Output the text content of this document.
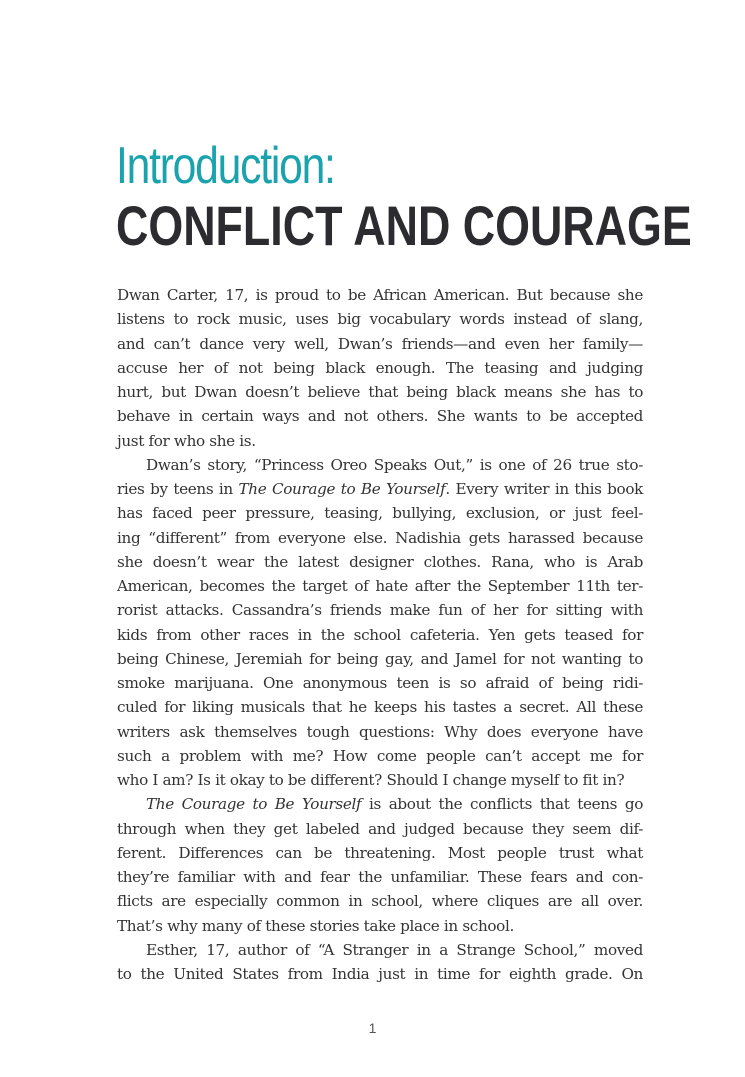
Introduction:
CONFLICT AND COURAGE
Dwan Carter, 17, is proud to be African American. But because she
listens to rock music, uses big vocabulary words instead of slang,
and can’t dance very well, Dwan’s friends—and even her family—
accuse her of not being black enough. The teasing and judging
hurt, but Dwan doesn’t believe that being black means she has to
behave in certain ways and not others. She wants to be accepted
just for who she is.
Dwan’s story, “Princess Oreo Speaks Out,” is one of 26 true sto-
ries by teens in The Courage to Be Yourself. Every writer in this book
has faced peer pressure, teasing, bullying, exclusion, or just feel-
ing “different” from everyone else. Nadishia gets harassed because
she doesn’t wear the latest designer clothes. Rana, who is Arab
American, becomes the target of hate after the September 11th ter-
rorist attacks. Cassandra’s friends make fun of her for sitting with
kids from other races in the school cafeteria. Yen gets teased for
being Chinese, Jeremiah for being gay, and Jamel for not wanting to
smoke marijuana. One anonymous teen is so afraid of being ridi-
culed for liking musicals that he keeps his tastes a secret. All these
writers ask themselves tough questions: Why does everyone have
such a problem with me? How come people can’t accept me for
who I am? Is it okay to be different? Should I change myself to fit in?
The Courage to Be Yourself is about the conflicts that teens go
through when they get labeled and judged because they seem dif-
ferent. Differences can be threatening. Most people trust what
they’re familiar with and fear the unfamiliar. These fears and con-
flicts are especially common in school, where cliques are all over.
That’s why many of these stories take place in school.
Esther, 17, author of “A Stranger in a Strange School,” moved
to the United States from India just in time for eighth grade. On
1
